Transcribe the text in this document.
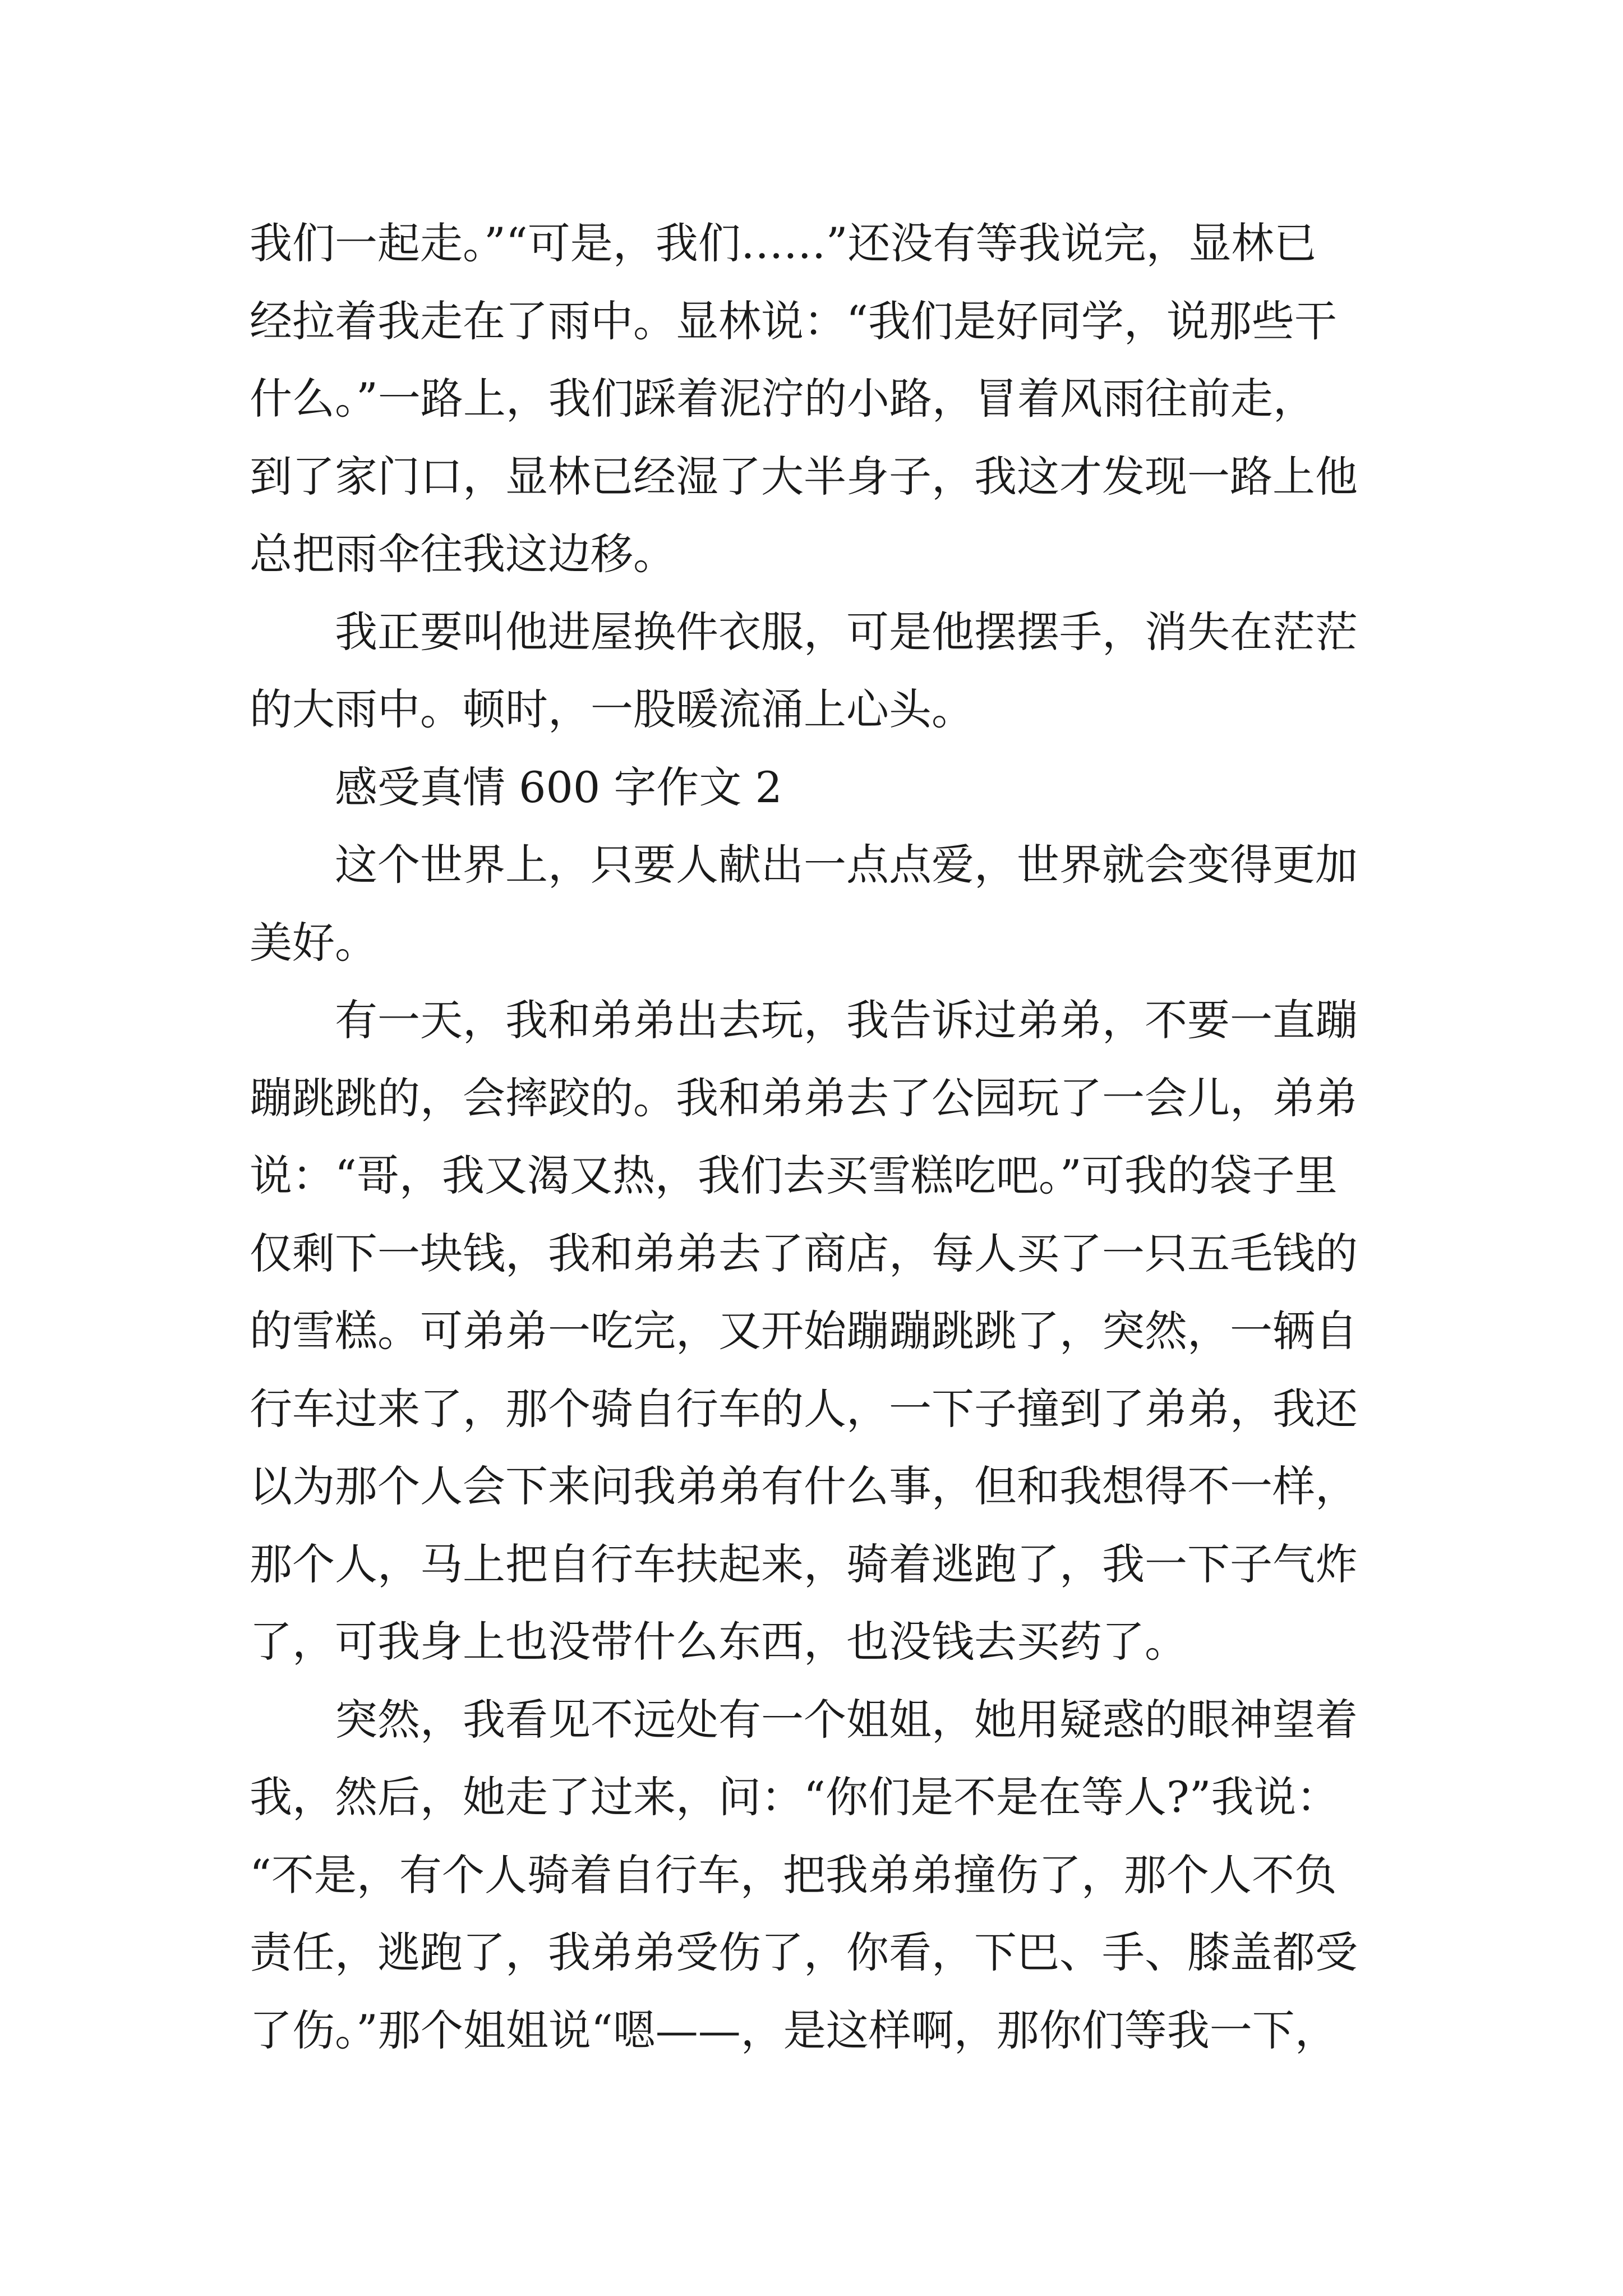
我们一起走。”“可是，我们……”还没有等我说完，显林已
经拉着我走在了雨中。显林说：“我们是好同学，说那些干
什么。”一路上，我们踩着泥泞的小路，冒着风雨往前走，
到了家门口，显林已经湿了大半身子，我这才发现一路上他
总把雨伞往我这边移。
我正要叫他进屋换件衣服，可是他摆摆手，消失在茫茫
的大雨中。顿时，一股暖流涌上心头。
感受真情 600 字作文 2
这个世界上，只要人献出一点点爱，世界就会变得更加
美好。
有一天，我和弟弟出去玩，我告诉过弟弟，不要一直蹦
蹦跳跳的，会摔跤的。我和弟弟去了公园玩了一会儿，弟弟
说：“哥，我又渴又热，我们去买雪糕吃吧。”可我的袋子里
仅剩下一块钱，我和弟弟去了商店，每人买了一只五毛钱的
的雪糕。可弟弟一吃完，又开始蹦蹦跳跳了，突然，一辆自
行车过来了，那个骑自行车的人，一下子撞到了弟弟，我还
以为那个人会下来问我弟弟有什么事，但和我想得不一样，
那个人，马上把自行车扶起来，骑着逃跑了，我一下子气炸
了，可我身上也没带什么东西，也没钱去买药了。
突然，我看见不远处有一个姐姐，她用疑惑的眼神望着
我，然后，她走了过来，问：“你们是不是在等人?”我说：
“不是，有个人骑着自行车，把我弟弟撞伤了，那个人不负
责任，逃跑了，我弟弟受伤了，你看，下巴、手、膝盖都受
了伤。”那个姐姐说“嗯——，是这样啊，那你们等我一下，
